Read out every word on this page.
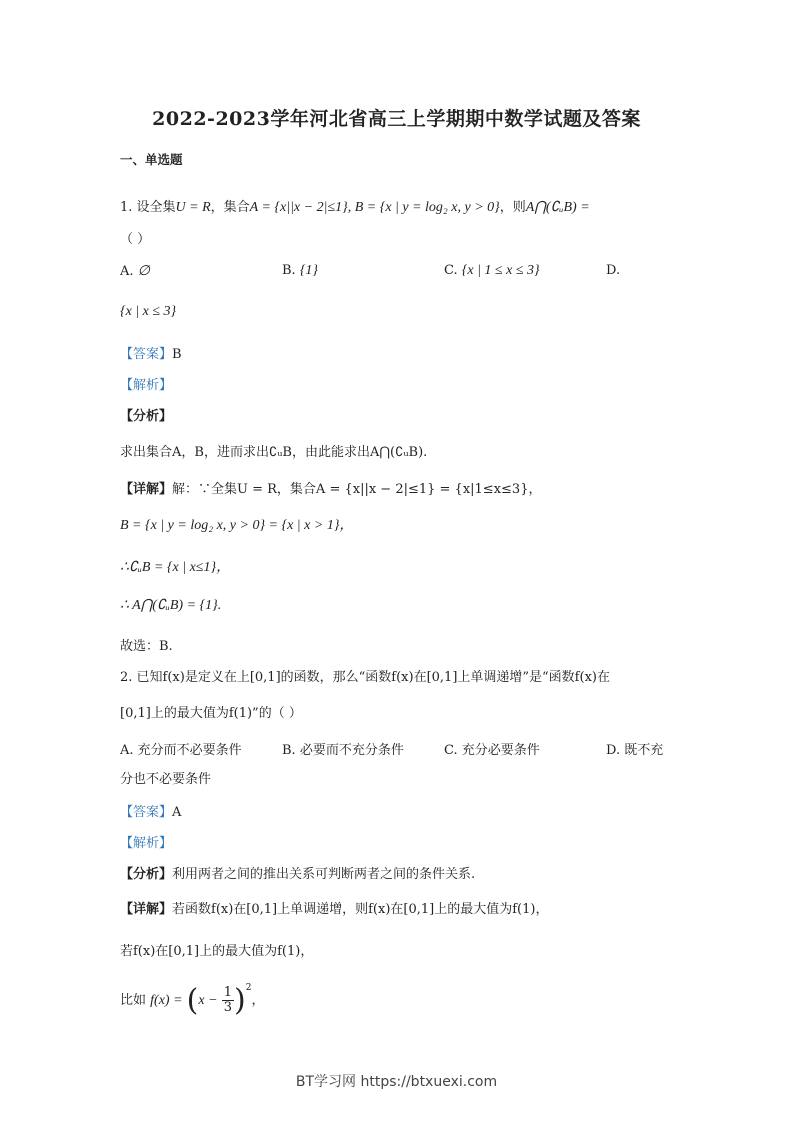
2022-2023学年河北省高三上学期期中数学试题及答案
一、单选题
1. 设全集U = R，集合A = {x||x − 2|≤1}, B = {x | y = log₂ x, y > 0}，则A⋂(∁ᵤB) =
（ ）
A. ∅	B. {1}	C. {x | 1 ≤ x ≤ 3}	D.
{x | x ≤ 3}
【答案】B
【解析】
【分析】
求出集合A，B，进而求出∁ᵤB，由此能求出A⋂(∁ᵤB).
【详解】解：∵全集U = R，集合A = {x||x − 2|≤1} = {x|1≤x≤3}，
B = {x | y = log₂ x, y > 0} = {x | x > 1}，
∴∁ᵤB = {x | x≤1}，
∴ A⋂(∁ᵤB) = {1}.
故选：B.
2. 已知f(x)是定义在上[0,1]的函数，那么“函数f(x)在[0,1]上单调递增”是“函数f(x)在
[0,1]上的最大值为f(1)”的（ ）
A. 充分而不必要条件	B. 必要而不充分条件	C. 充分必要条件	D. 既不充
分也不必要条件
【答案】A
【解析】
【分析】利用两者之间的推出关系可判断两者之间的条件关系.
【详解】若函数f(x)在[0,1]上单调递增，则f(x)在[0,1]上的最大值为f(1)，
若f(x)在[0,1]上的最大值为f(1)，
比如 $f(x) = (x - \frac{1}{3} )^2$，
BT学习网 https://btxuexi.com
